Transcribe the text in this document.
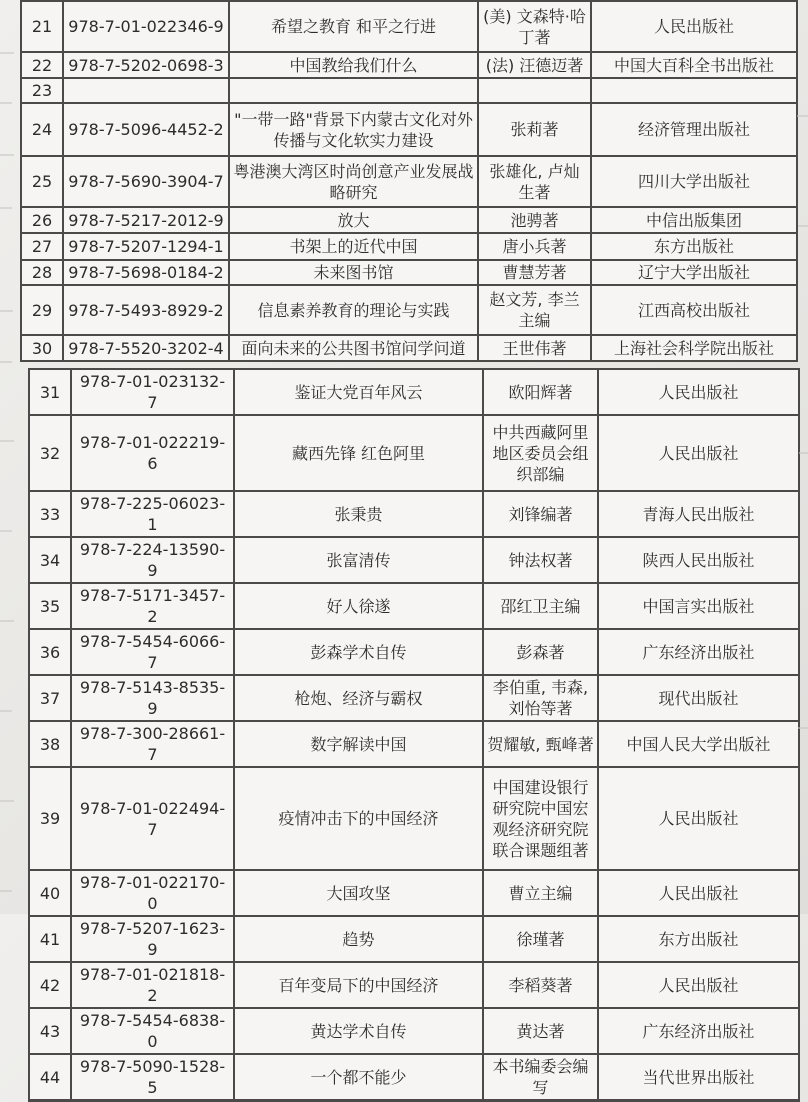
21	978-7-01-022346-9	希望之教育 和平之行进	(美) 文森特·哈丁著	人民出版社
22	978-7-5202-0698-3	中国教给我们什么	(法) 汪德迈著	中国大百科全书出版社
23				
24	978-7-5096-4452-2	"一带一路"背景下内蒙古文化对外传播与文化软实力建设	张莉著	经济管理出版社
25	978-7-5690-3904-7	粤港澳大湾区时尚创意产业发展战略研究	张雄化, 卢灿生著	四川大学出版社
26	978-7-5217-2012-9	放大	池骋著	中信出版集团
27	978-7-5207-1294-1	书架上的近代中国	唐小兵著	东方出版社
28	978-7-5698-0184-2	未来图书馆	曹慧芳著	辽宁大学出版社
29	978-7-5493-8929-2	信息素养教育的理论与实践	赵文芳, 李兰主编	江西高校出版社
30	978-7-5520-3202-4	面向未来的公共图书馆问学问道	王世伟著	上海社会科学院出版社
31	978-7-01-023132-7	鉴证大党百年风云	欧阳辉著	人民出版社
32	978-7-01-022219-6	藏西先锋 红色阿里	中共西藏阿里地区委员会组织部编	人民出版社
33	978-7-225-06023-1	张秉贵	刘锋编著	青海人民出版社
34	978-7-224-13590-9	张富清传	钟法权著	陕西人民出版社
35	978-7-5171-3457-2	好人徐遂	邵红卫主编	中国言实出版社
36	978-7-5454-6066-7	彭森学术自传	彭森著	广东经济出版社
37	978-7-5143-8535-9	枪炮、经济与霸权	李伯重, 韦森, 刘怡等著	现代出版社
38	978-7-300-28661-7	数字解读中国	贺耀敏, 甄峰著	中国人民大学出版社
39	978-7-01-022494-7	疫情冲击下的中国经济	中国建设银行研究院中国宏观经济研究院联合课题组著	人民出版社
40	978-7-01-022170-0	大国攻坚	曹立主编	人民出版社
41	978-7-5207-1623-9	趋势	徐瑾著	东方出版社
42	978-7-01-021818-2	百年变局下的中国经济	李稻葵著	人民出版社
43	978-7-5454-6838-0	黄达学术自传	黄达著	广东经济出版社
44	978-7-5090-1528-5	一个都不能少	本书编委会编写	当代世界出版社
